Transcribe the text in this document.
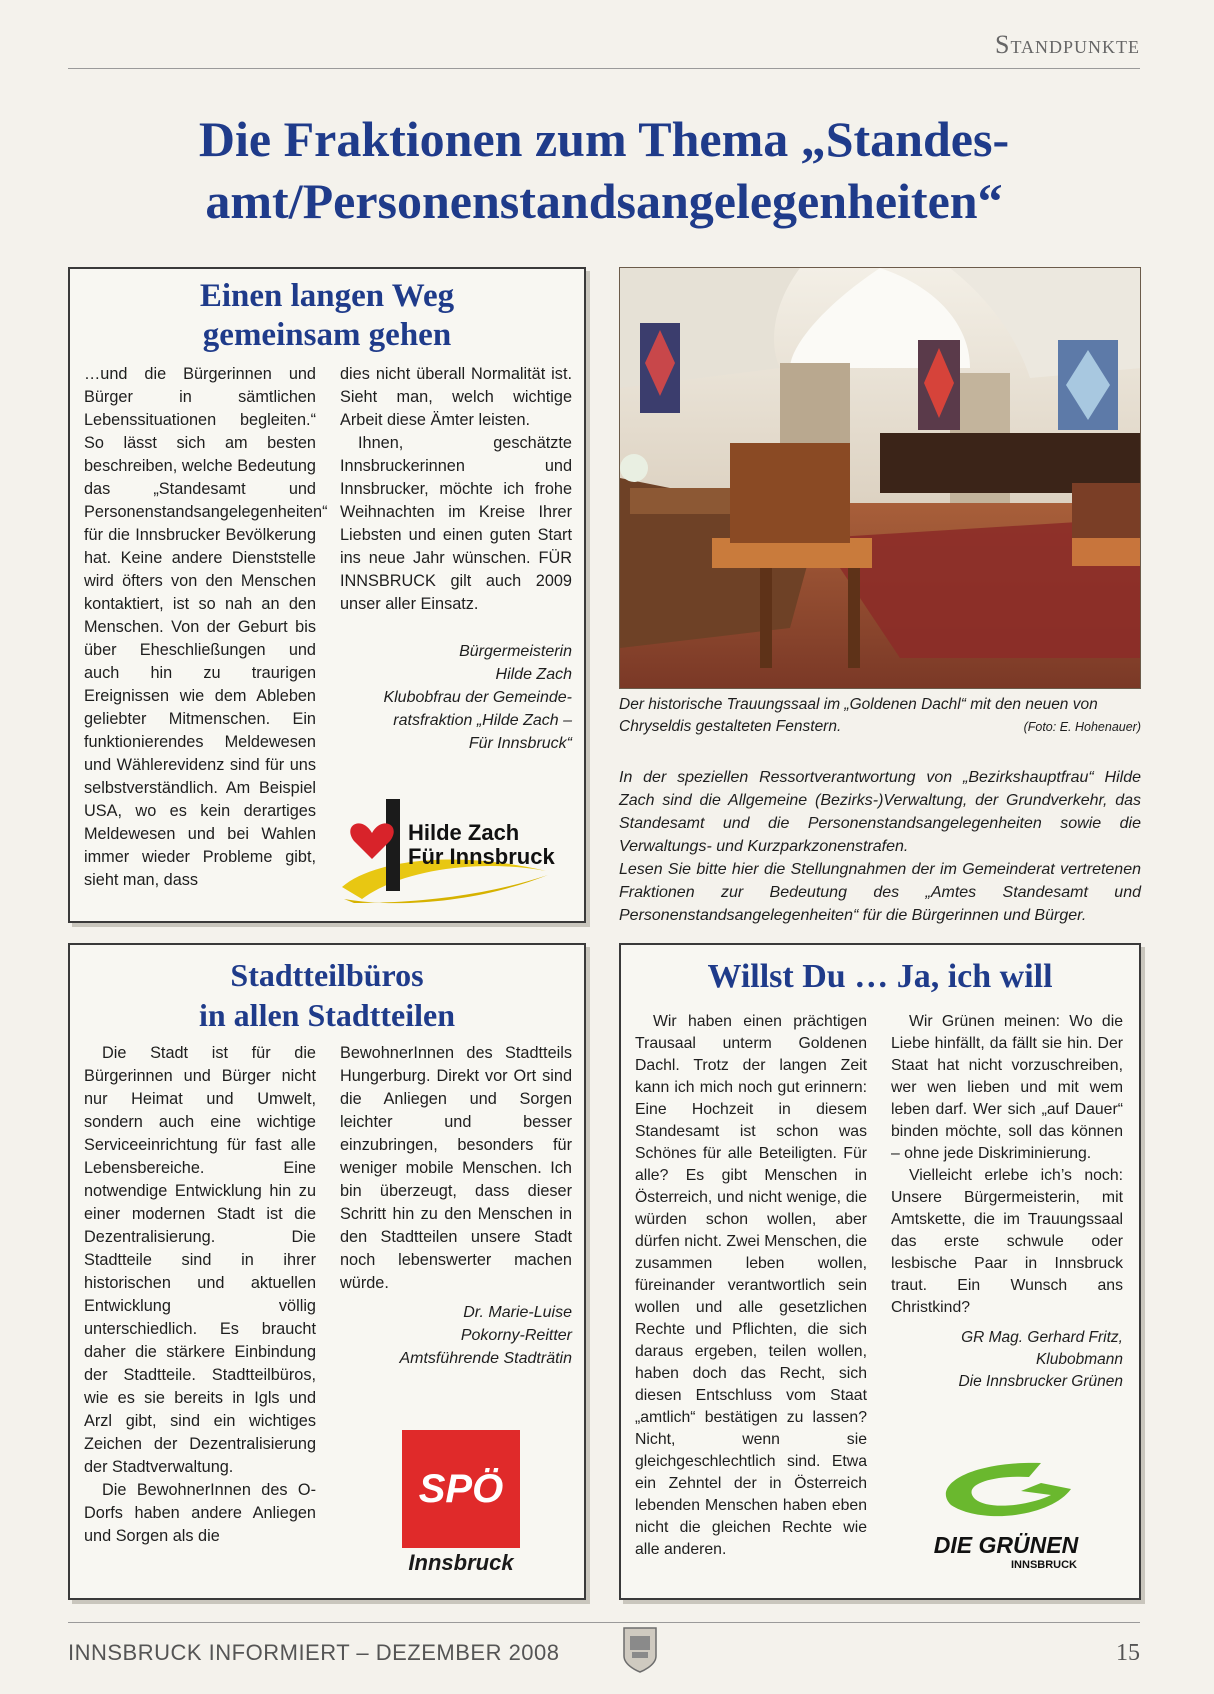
Standpunkte
Die Fraktionen zum Thema „Standes-
amt/Personenstandsangelegenheiten“
Einen langen Weg
gemeinsam gehen

…und die Bürgerinnen und Bürger in sämtlichen Lebenssituationen begleiten.“ So lässt sich am besten beschreiben, welche Bedeutung das „Standesamt und Personenstandsangelegenheiten“ für die Innsbrucker Bevölkerung hat. Keine andere Dienststelle wird öfters von den Menschen kontaktiert, ist so nah an den Menschen. Von der Geburt bis über Eheschließungen und auch hin zu traurigen Ereignissen wie dem Ableben geliebter Mitmenschen. Ein funktionierendes Meldewesen und Wählerevidenz sind für uns selbstverständlich. Am Beispiel USA, wo es kein derartiges Meldewesen und bei Wahlen immer wieder Probleme gibt, sieht man, dass

dies nicht überall Normalität ist. Sieht man, welch wichtige Arbeit diese Ämter leisten.

Ihnen, geschätzte Innsbruckerinnen und Innsbrucker, möchte ich frohe Weihnachten im Kreise Ihrer Liebsten und einen guten Start ins neue Jahr wünschen. FÜR INNSBRUCK gilt auch 2009 unser aller Einsatz.

Bürgermeisterin
Hilde Zach
Klubobfrau der Gemeinde-
ratsfraktion „Hilde Zach –
Für Innsbruck“
Hilde Zach
Für Innsbruck
Der historische Trauungssaal im „Goldenen Dachl“ mit den neuen von Chryseldis gestalteten Fenstern.	(Foto: E. Hohenauer)

In der speziellen Ressortverantwortung von „Bezirkshauptfrau“ Hilde Zach sind die Allgemeine (Bezirks-)Verwaltung, der Grundverkehr, das Standesamt und die Personenstandsangelegenheiten sowie die Verwaltungs- und Kurzparkzonenstrafen.

Lesen Sie bitte hier die Stellungnahmen der im Gemeinderat vertretenen Fraktionen zur Bedeutung des „Amtes Standesamt und Personenstandsangelegenheiten“ für die Bürgerinnen und Bürger.

Stadtteilbüros
in allen Stadtteilen

Die Stadt ist für die Bürgerinnen und Bürger nicht nur Heimat und Umwelt, sondern auch eine wichtige Serviceeinrichtung für fast alle Lebensbereiche. Eine notwendige Entwicklung hin zu einer modernen Stadt ist die Dezentralisierung. Die Stadtteile sind in ihrer historischen und aktuellen Entwicklung völlig unterschiedlich. Es braucht daher die stärkere Einbindung der Stadtteile. Stadtteilbüros, wie es sie bereits in Igls und Arzl gibt, sind ein wichtiges Zeichen der Dezentralisierung der Stadtverwaltung.

Die BewohnerInnen des O-Dorfs haben andere Anliegen und Sorgen als die

BewohnerInnen des Stadtteils Hungerburg. Direkt vor Ort sind die Anliegen und Sorgen leichter und besser einzubringen, besonders für weniger mobile Menschen. Ich bin überzeugt, dass dieser Schritt hin zu den Menschen in den Stadtteilen unsere Stadt noch lebenswerter machen würde.

Dr. Marie-Luise
Pokorny-Reitter
Amtsführende Stadträtin
SPÖ
Innsbruck
Willst Du … Ja, ich will

Wir haben einen prächtigen Trausaal unterm Goldenen Dachl. Trotz der langen Zeit kann ich mich noch gut erinnern: Eine Hochzeit in diesem Standesamt ist schon was Schönes für alle Beteiligten. Für alle? Es gibt Menschen in Österreich, und nicht wenige, die würden schon wollen, aber dürfen nicht. Zwei Menschen, die zusammen leben wollen, füreinander verantwortlich sein wollen und alle gesetzlichen Rechte und Pflichten, die sich daraus ergeben, teilen wollen, haben doch das Recht, sich diesen Entschluss vom Staat „amtlich“ bestätigen zu lassen? Nicht, wenn sie gleichgeschlechtlich sind. Etwa ein Zehntel der in Österreich lebenden Menschen haben eben nicht die gleichen Rechte wie alle anderen.

Wir Grünen meinen: Wo die Liebe hinfällt, da fällt sie hin. Der Staat hat nicht vorzuschreiben, wer wen lieben und mit wem leben darf. Wer sich „auf Dauer“ binden möchte, soll das können – ohne jede Diskriminierung.

Vielleicht erlebe ich’s noch: Unsere Bürgermeisterin, mit Amtskette, die im Trauungssaal das erste schwule oder lesbische Paar in Innsbruck traut. Ein Wunsch ans Christkind?

GR Mag. Gerhard Fritz,
Klubobmann
Die Innsbrucker Grünen
DIE GRÜNEN
INNSBRUCK
INNSBRUCK INFORMIERT – DEZEMBER 2008	15
